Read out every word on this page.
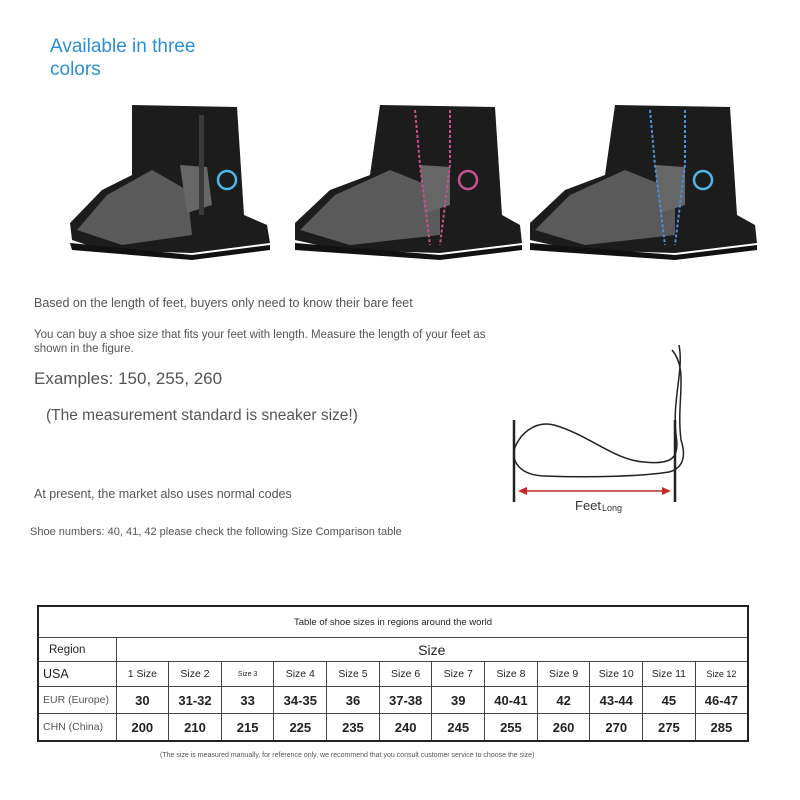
Available in three colors
Based on the length of feet, buyers only need to know their bare feet
You can buy a shoe size that fits your feet with length. Measure the length of your feet as shown in the figure.
Examples: 150, 255, 260
(The measurement standard is sneaker size!)
At present, the market also uses normal codes
Shoe numbers: 40, 41, 42 please check the following Size Comparison table
Feet$_{Long}$
Table of shoe sizes in regions around the world												
Region	Size											
USA	1 Size	Size 2	Size 3	Size 4	Size 5	Size 6	Size 7	Size 8	Size 9	Size 10	Size 11	Size 12
EUR (Europe)	30	31-32	33	34-35	36	37-38	39	40-41	42	43-44	45	46-47
CHN (China)	200	210	215	225	235	240	245	255	260	270	275	285
(The size is measured manually, for reference only, we recommend that you consult customer service to choose the size)
